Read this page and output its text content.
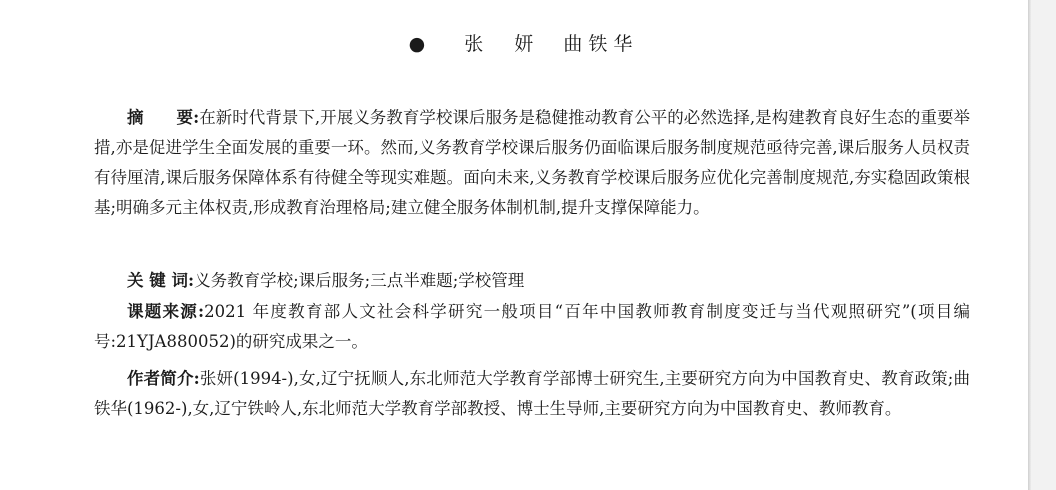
● 张　妍 曲铁华

摘 要:在新时代背景下,开展义务教育学校课后服务是稳健推动教育公平的必然选择,是构建教育良好生态的重要举措,亦是促进学生全面发展的重要一环。然而,义务教育学校课后服务仍面临课后服务制度规范亟待完善,课后服务人员权责有待厘清,课后服务保障体系有待健全等现实难题。面向未来,义务教育学校课后服务应优化完善制度规范,夯实稳固政策根基;明确多元主体权责,形成教育治理格局;建立健全服务体制机制,提升支撑保障能力。

关 键 词:义务教育学校;课后服务;三点半难题;学校管理

课题来源:2021 年度教育部人文社会科学研究一般项目“百年中国教师教育制度变迁与当代观照研究”(项目编号:21YJA880052)的研究成果之一。

作者简介:张妍(1994-),女,辽宁抚顺人,东北师范大学教育学部博士研究生,主要研究方向为中国教育史、教育政策;曲铁华(1962-),女,辽宁铁岭人,东北师范大学教育学部教授、博士生导师,主要研究方向为中国教育史、教师教育。
